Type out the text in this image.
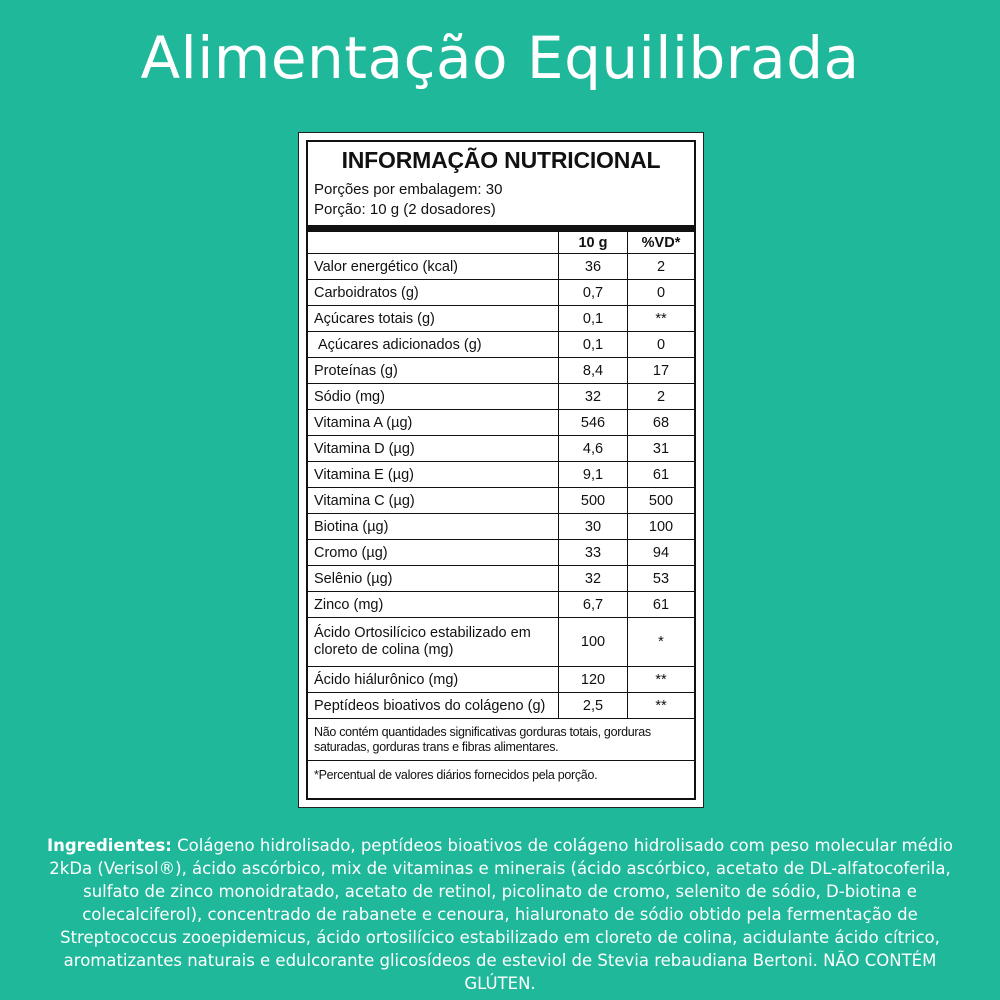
Alimentação Equilibrada
INFORMAÇÃO NUTRICIONAL
Porções por embalagem: 30
Porção: 10 g (2 dosadores)
	10 g	%VD*
Valor energético (kcal)	36	2
Carboidratos (g)	0,7	0
Açúcares totais (g)	0,1	**
Açúcares adicionados (g)	0,1	0
Proteínas (g)	8,4	17
Sódio (mg)	32	2
Vitamina A (µg)	546	68
Vitamina D (µg)	4,6	31
Vitamina E (µg)	9,1	61
Vitamina C (µg)	500	500
Biotina (µg)	30	100
Cromo (µg)	33	94
Selênio (µg)	32	53
Zinco (mg)	6,7	61
Ácido Ortosilícico estabilizado em cloreto de colina (mg)	100	*
Ácido hiálurônico (mg)	120	**
Peptídeos bioativos do colágeno (g)	2,5	**
Não contém quantidades significativas gorduras totais, gorduras saturadas, gorduras trans e fibras alimentares.
*Percentual de valores diários fornecidos pela porção.
Ingredientes: Colágeno hidrolisado, peptídeos bioativos de colágeno hidrolisado com peso molecular médio 2kDa (Verisol®), ácido ascórbico, mix de vitaminas e minerais (ácido ascórbico, acetato de DL-alfatocoferila, sulfato de zinco monoidratado, acetato de retinol, picolinato de cromo, selenito de sódio, D-biotina e colecalciferol), concentrado de rabanete e cenoura, hialuronato de sódio obtido pela fermentação de Streptococcus zooepidemicus, ácido ortosilícico estabilizado em cloreto de colina, acidulante ácido cítrico, aromatizantes naturais e edulcorante glicosídeos de esteviol de Stevia rebaudiana Bertoni. NÃO CONTÉM GLÚTEN.
